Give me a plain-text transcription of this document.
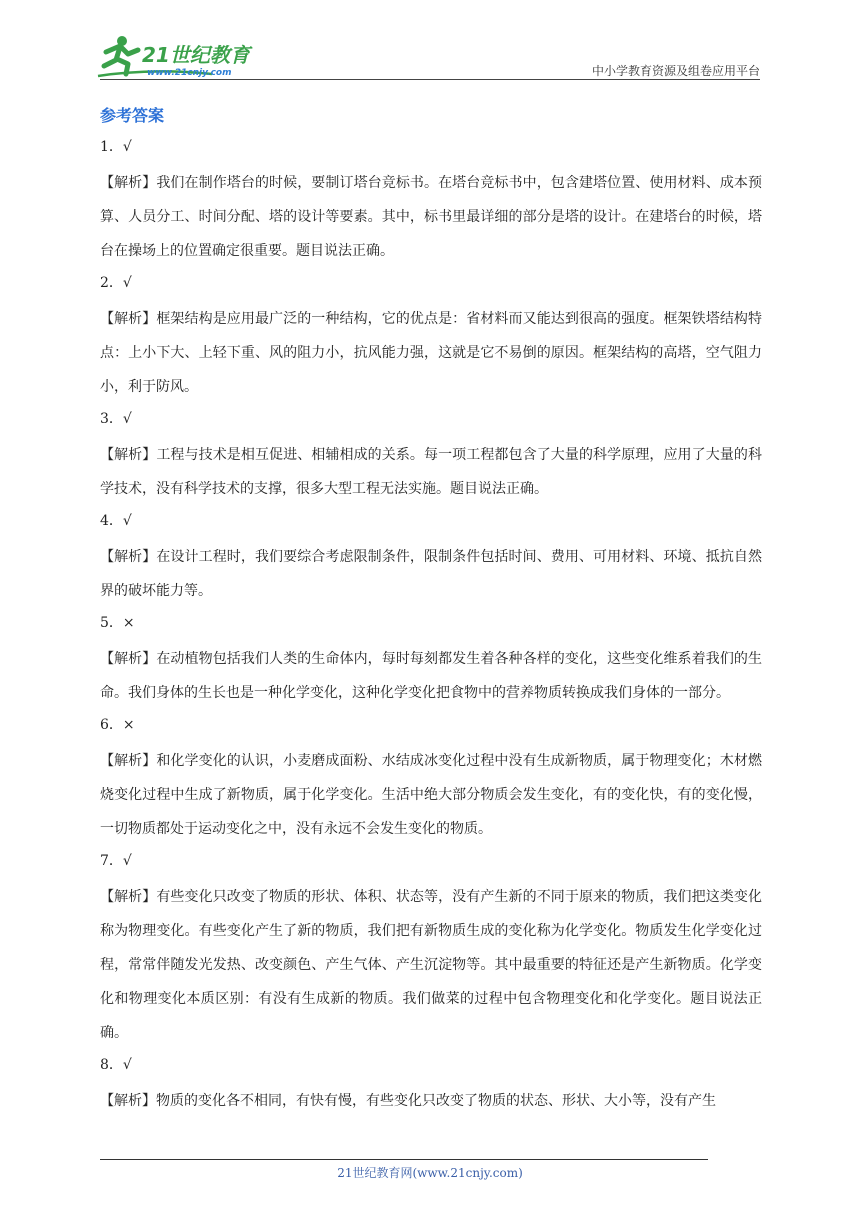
21世纪教育
www.21cnjy.com	中小学教育资源及组卷应用平台
参考答案
1．√

【解析】我们在制作塔台的时候，要制订塔台竞标书。在塔台竞标书中，包含建塔位置、使用材料、成本预算、人员分工、时间分配、塔的设计等要素。其中，标书里最详细的部分是塔的设计。在建塔台的时候，塔台在操场上的位置确定很重要。题目说法正确。

2．√

【解析】框架结构是应用最广泛的一种结构，它的优点是：省材料而又能达到很高的强度。框架铁塔结构特点：上小下大、上轻下重、风的阻力小，抗风能力强，这就是它不易倒的原因。框架结构的高塔，空气阻力小，利于防风。

3．√

【解析】工程与技术是相互促进、相辅相成的关系。每一项工程都包含了大量的科学原理，应用了大量的科学技术，没有科学技术的支撑，很多大型工程无法实施。题目说法正确。

4．√

【解析】在设计工程时，我们要综合考虑限制条件，限制条件包括时间、费用、可用材料、环境、抵抗自然界的破坏能力等。

5．×

【解析】在动植物包括我们人类的生命体内，每时每刻都发生着各种各样的变化，这些变化维系着我们的生命。我们身体的生长也是一种化学变化，这种化学变化把食物中的营养物质转换成我们身体的一部分。

6．×

【解析】和化学变化的认识，小麦磨成面粉、水结成冰变化过程中没有生成新物质，属于物理变化；木材燃烧变化过程中生成了新物质，属于化学变化。生活中绝大部分物质会发生变化，有的变化快，有的变化慢，一切物质都处于运动变化之中，没有永远不会发生变化的物质。

7．√

【解析】有些变化只改变了物质的形状、体积、状态等，没有产生新的不同于原来的物质，我们把这类变化称为物理变化。有些变化产生了新的物质，我们把有新物质生成的变化称为化学变化。物质发生化学变化过程，常常伴随发光发热、改变颜色、产生气体、产生沉淀物等。其中最重要的特征还是产生新物质。化学变化和物理变化本质区别：有没有生成新的物质。我们做菜的过程中包含物理变化和化学变化。题目说法正确。

8．√

【解析】物质的变化各不相同，有快有慢，有些变化只改变了物质的状态、形状、大小等，没有产生

21世纪教育网(www.21cnjy.com)
